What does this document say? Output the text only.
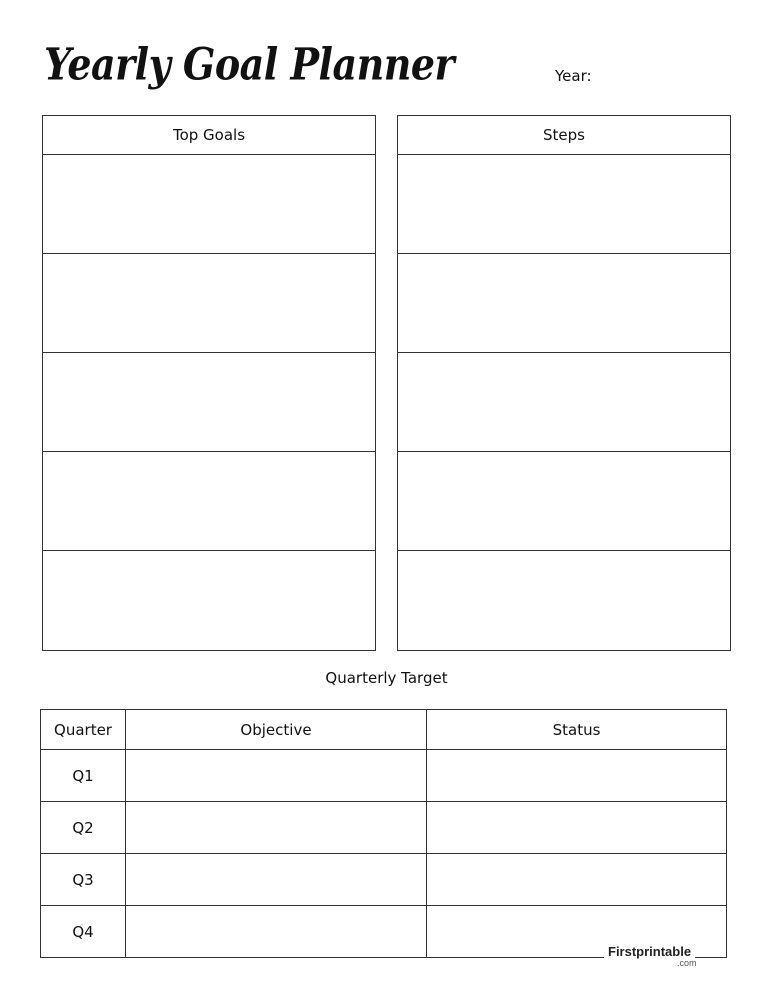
Yearly Goal Planner	Year:
Top Goals	Steps
Quarterly Target
Quarter	Objective	Status
Q1		
Q2		
Q3		
Q4		
Firstprintable
.com
